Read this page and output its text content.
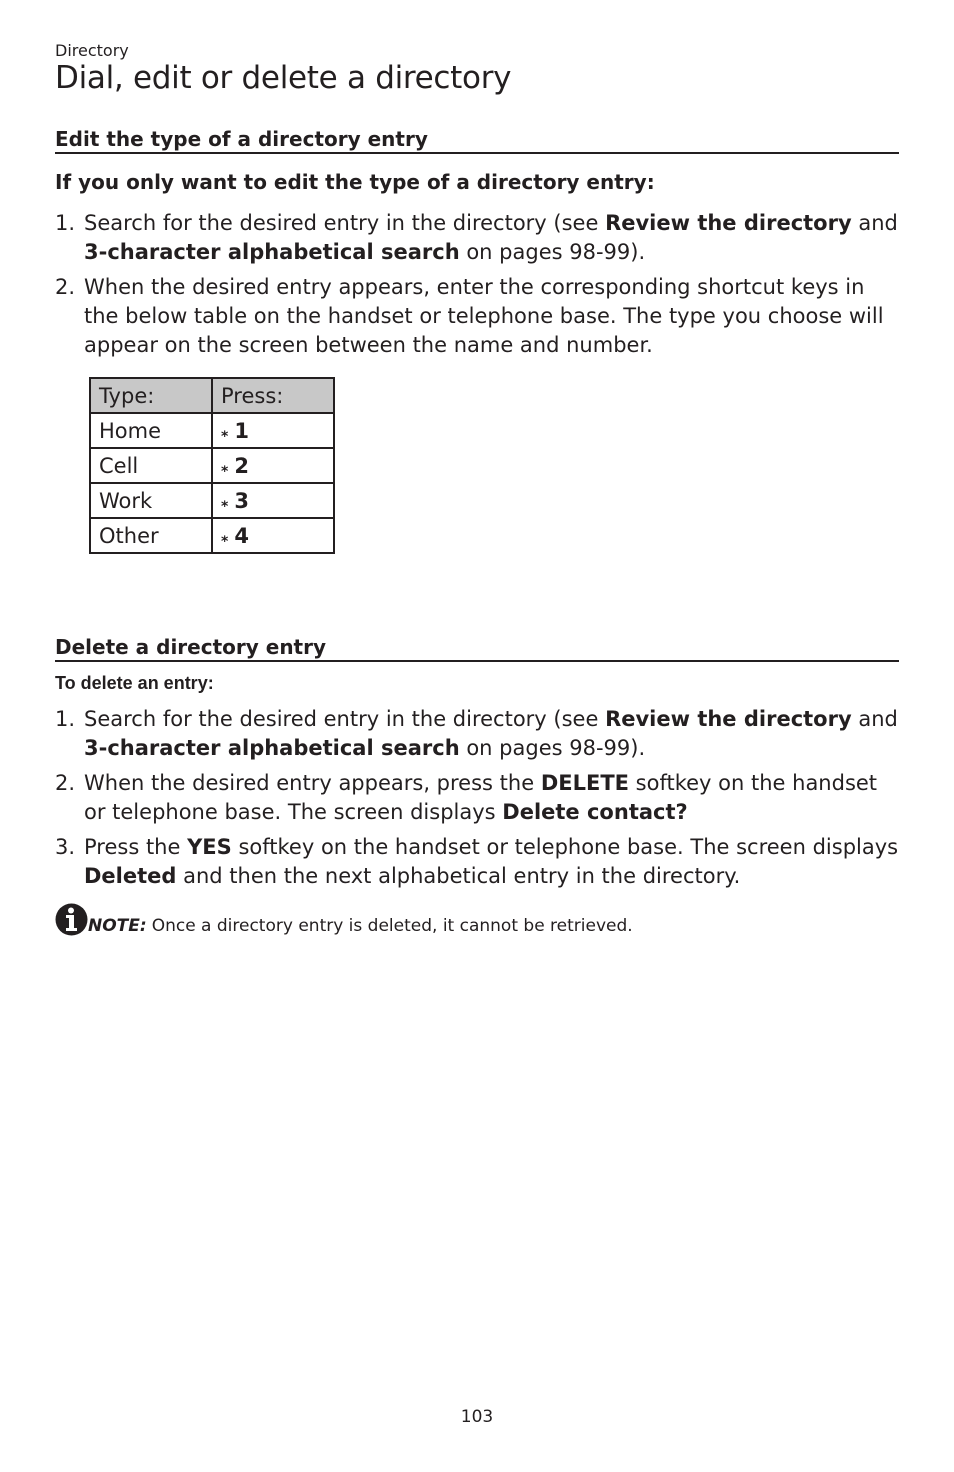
Directory
Dial, edit or delete a directory
Edit the type of a directory entry
If you only want to edit the type of a directory entry:
1. Search for the desired entry in the directory (see Review the directory and 3-character alphabetical search on pages 98-99).
2. When the desired entry appears, enter the corresponding shortcut keys in the below table on the handset or telephone base. The type you choose will appear on the screen between the name and number.
Type:	Press:
Home	⁎ 1
Cell	⁎ 2
Work	⁎ 3
Other	⁎ 4
Delete a directory entry
To delete an entry:
1. Search for the desired entry in the directory (see Review the directory and 3-character alphabetical search on pages 98-99).
2. When the desired entry appears, press the DELETE softkey on the handset or telephone base. The screen displays Delete contact?
3. Press the YES softkey on the handset or telephone base. The screen displays Deleted and then the next alphabetical entry in the directory.
NOTE: Once a directory entry is deleted, it cannot be retrieved.
103
